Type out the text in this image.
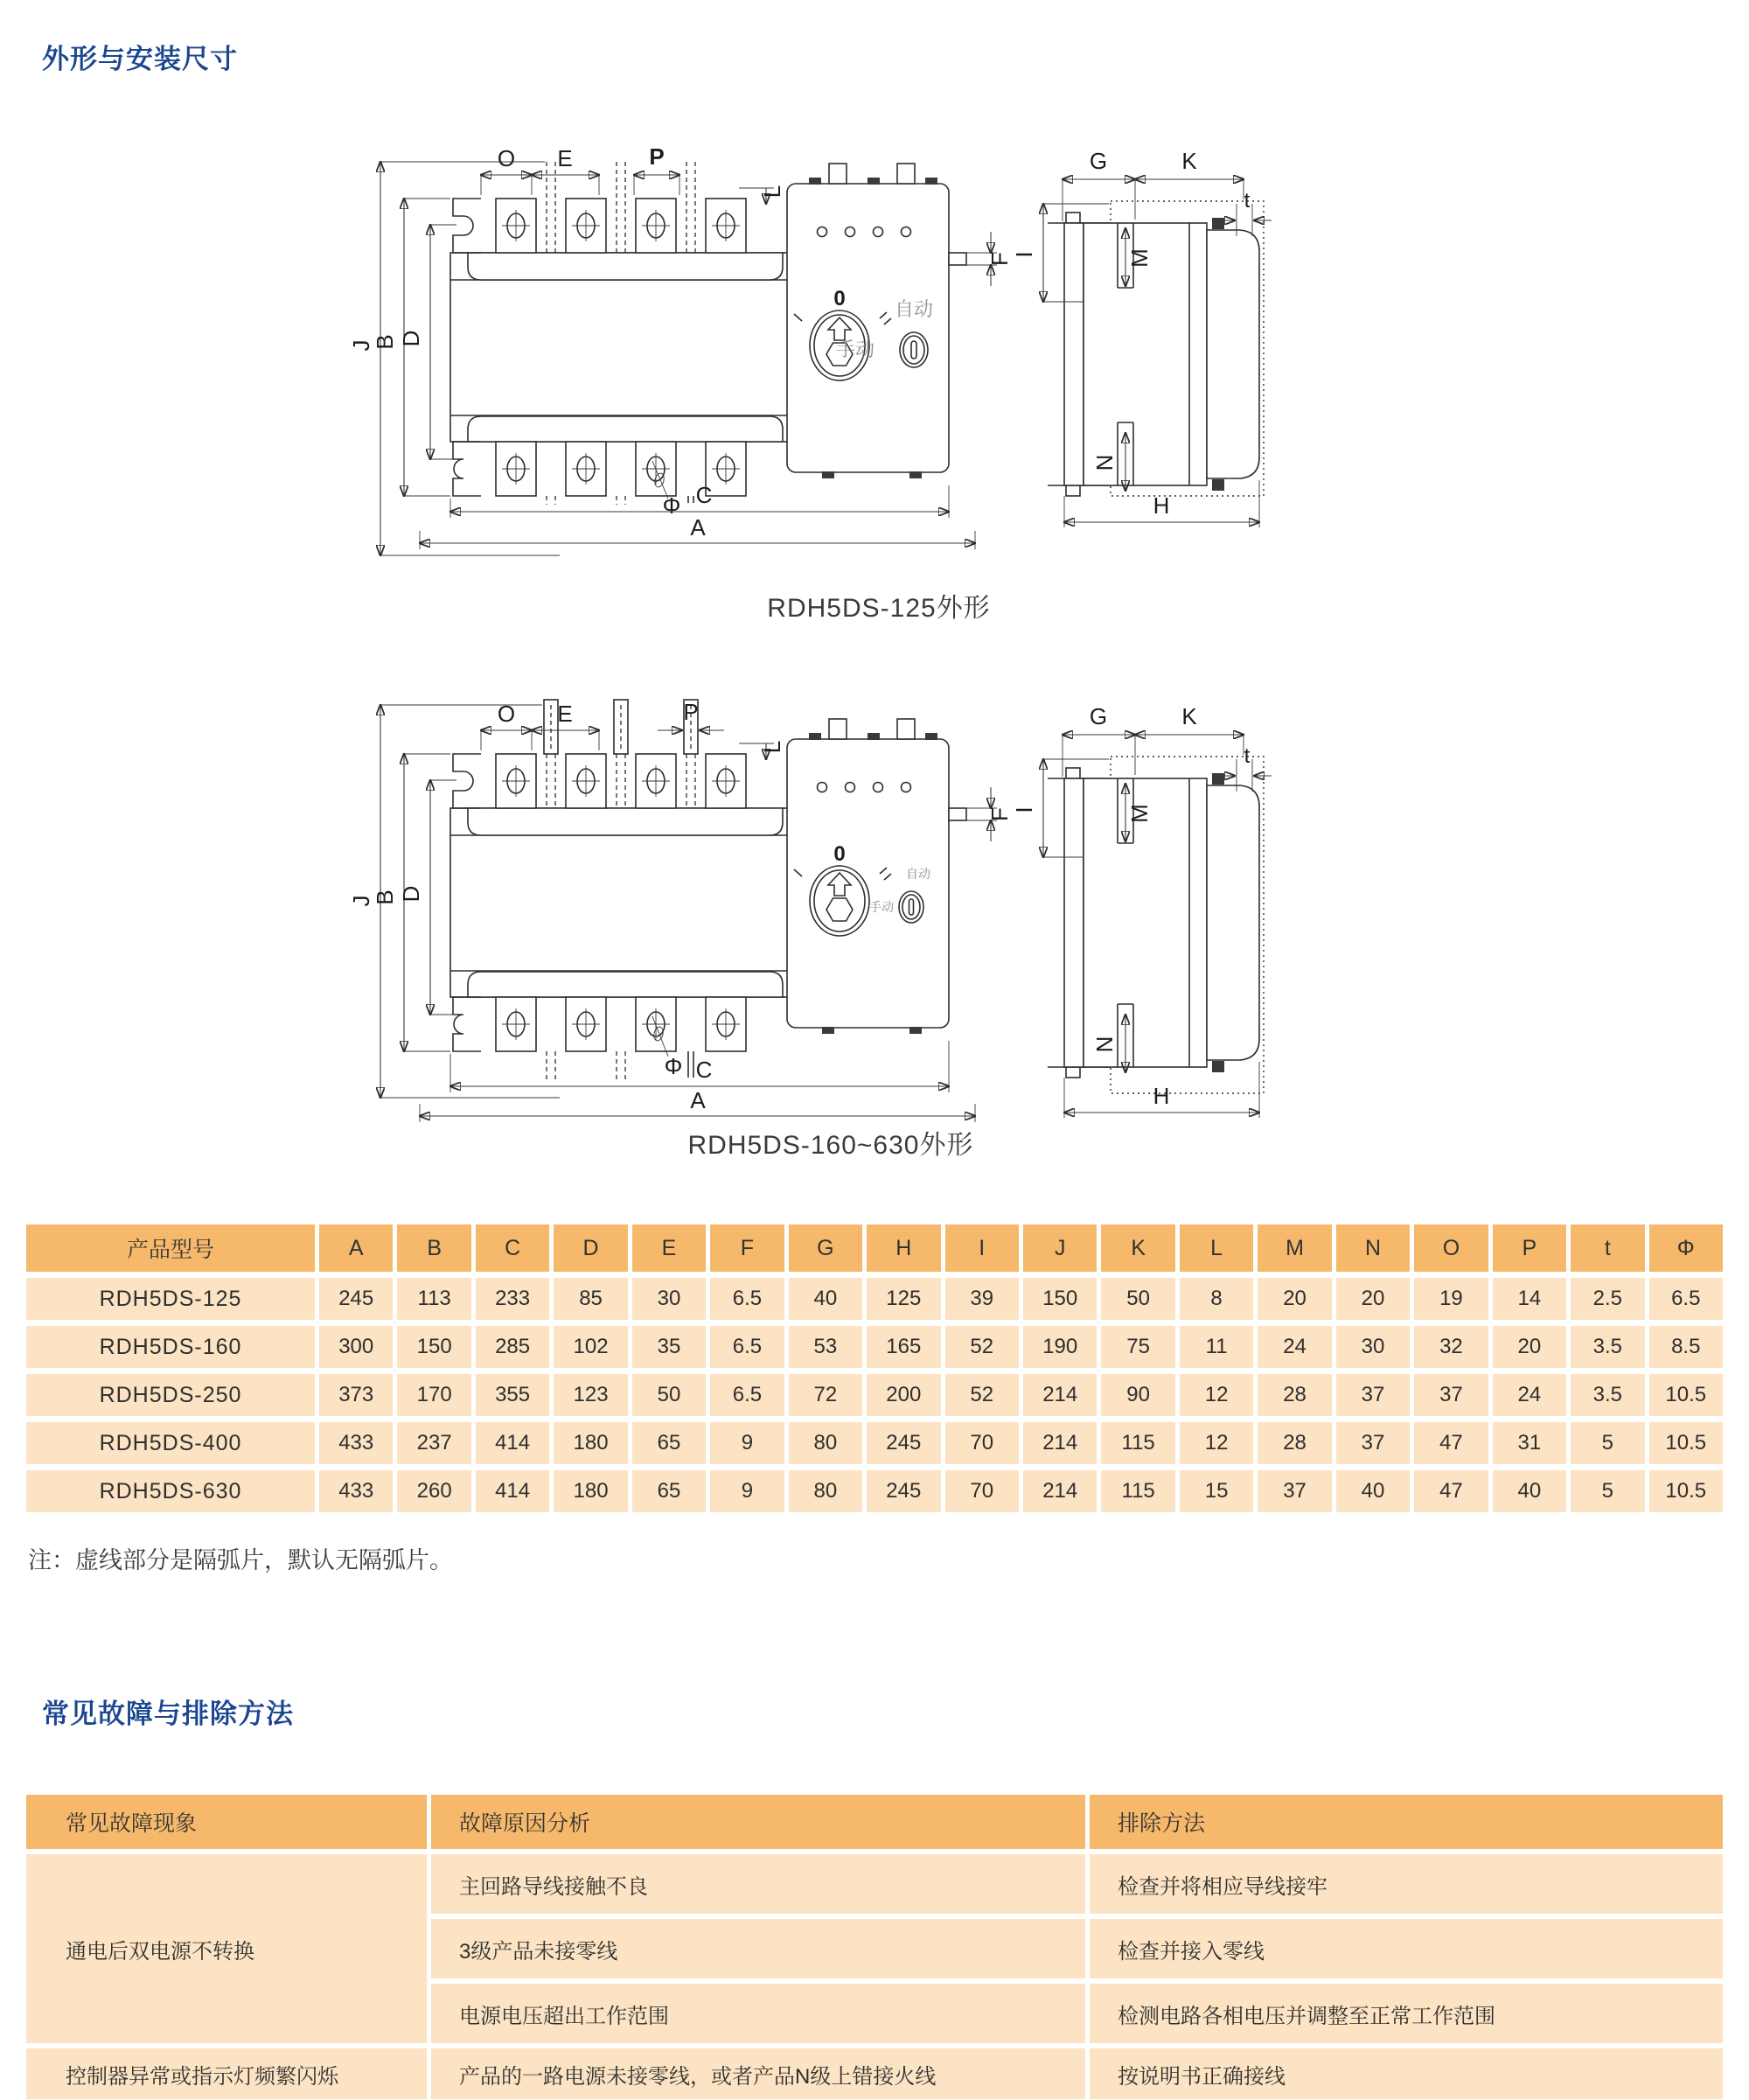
外形与安装尺寸
0	自动
手动
O E	P
L
J
B D
F
Φ C
A
G	K
t
I	M
N
H
RDH5DS-125外形
0
自动
手动
O E	P
L
J
B D
F
Φ C
A
G	K
t
I	M
N
H
RDH5DS-160~630外形
产品型号	A	B	C	D	E	F	G	H	I	J	K	L	M	N	O	P	t	Φ
RDH5DS-125	245	113	233	85	30	6.5	40	125	39	150	50	8	20	20	19	14	2.5	6.5
RDH5DS-160	300	150	285	102	35	6.5	53	165	52	190	75	11	24	30	32	20	3.5	8.5
RDH5DS-250	373	170	355	123	50	6.5	72	200	52	214	90	12	28	37	37	24	3.5	10.5
RDH5DS-400	433	237	414	180	65	9	80	245	70	214	115	12	28	37	47	31	5	10.5
RDH5DS-630	433	260	414	180	65	9	80	245	70	214	115	15	37	40	47	40	5	10.5
注：虚线部分是隔弧片，默认无隔弧片。
常见故障与排除方法
常见故障现象	故障原因分析	排除方法
通电后双电源不转换
主回路导线接触不良	检查并将相应导线接牢
3级产品未接零线	检查并接入零线
电源电压超出工作范围	检测电路各相电压并调整至正常工作范围
控制器异常或指示灯频繁闪烁	产品的一路电源未接零线，或者产品N级上错接火线	按说明书正确接线
